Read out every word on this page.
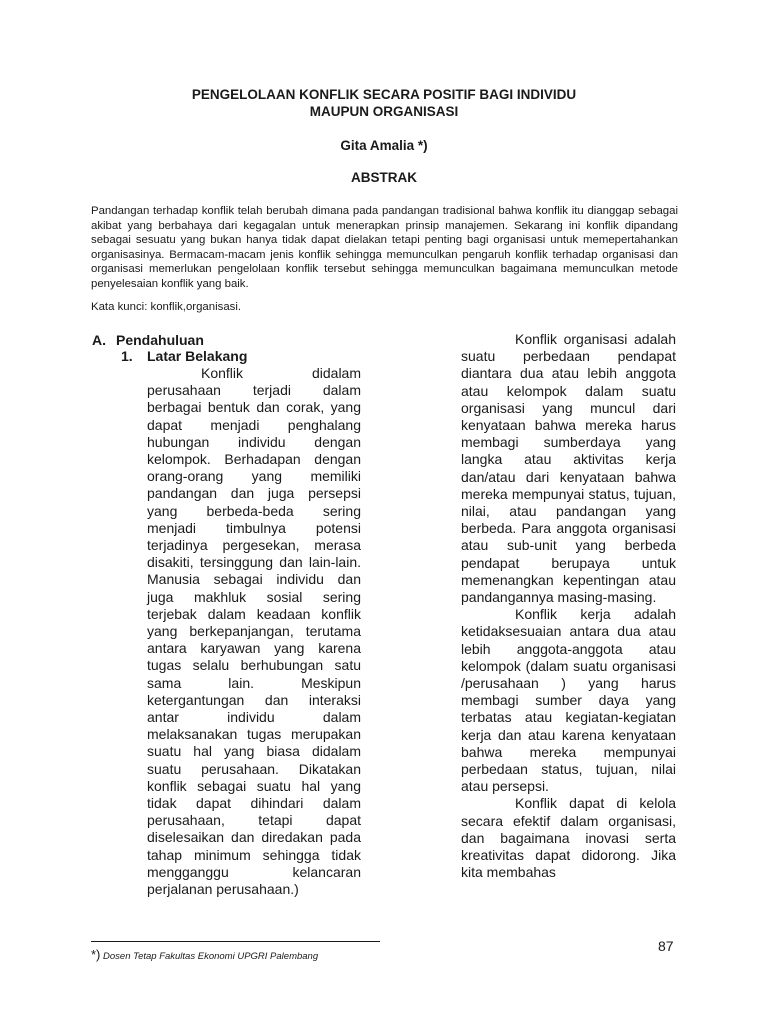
PENGELOLAAN KONFLIK SECARA POSITIF BAGI INDIVIDU
MAUPUN ORGANISASI
Gita Amalia *)
ABSTRAK

Pandangan terhadap konflik telah berubah dimana pada pandangan tradisional bahwa konflik itu dianggap sebagai akibat yang berbahaya dari kegagalan untuk menerapkan prinsip manajemen. Sekarang ini konflik dipandang sebagai sesuatu yang bukan hanya tidak dapat dielakan tetapi penting bagi organisasi untuk memepertahankan organisasinya. Bermacam-macam jenis konflik sehingga memunculkan pengaruh konflik terhadap organisasi dan organisasi memerlukan pengelolaan konflik tersebut sehingga memunculkan bagaimana memunculkan metode penyelesaian konflik yang baik.

Kata kunci: konflik,organisasi.

A. Pendahuluan
1. Latar Belakang

Konflik didalam perusahaan terjadi dalam berbagai bentuk dan corak, yang dapat menjadi penghalang hubungan individu dengan kelompok. Berhadapan dengan orang-orang yang memiliki pandangan dan juga persepsi yang berbeda-beda sering menjadi timbulnya potensi terjadinya pergesekan, merasa disakiti, tersinggung dan lain-lain. Manusia sebagai individu dan juga makhluk sosial sering terjebak dalam keadaan konflik yang berkepanjangan, terutama antara karyawan yang karena tugas selalu berhubungan satu sama lain. Meskipun ketergantungan dan interaksi antar individu dalam melaksanakan tugas merupakan suatu hal yang biasa didalam suatu perusahaan. Dikatakan konflik sebagai suatu hal yang tidak dapat dihindari dalam perusahaan, tetapi dapat diselesaikan dan diredakan pada tahap minimum sehingga tidak mengganggu kelancaran perjalanan perusahaan.)

Konflik organisasi adalah suatu perbedaan pendapat diantara dua atau lebih anggota atau kelompok dalam suatu organisasi yang muncul dari kenyataan bahwa mereka harus membagi sumberdaya yang langka atau aktivitas kerja dan/atau dari kenyataan bahwa mereka mempunyai status, tujuan, nilai, atau pandangan yang berbeda. Para anggota organisasi atau sub-unit yang berbeda pendapat berupaya untuk memenangkan kepentingan atau pandangannya masing-masing.

Konflik kerja adalah ketidaksesuaian antara dua atau lebih anggota-anggota atau kelompok (dalam suatu organisasi /perusahaan ) yang harus membagi sumber daya yang terbatas atau kegiatan-kegiatan kerja dan atau karena kenyataan bahwa mereka mempunyai perbedaan status, tujuan, nilai atau persepsi.

Konflik dapat di kelola secara efektif dalam organisasi, dan bagaimana inovasi serta kreativitas dapat didorong. Jika kita membahas

*) Dosen Tetap Fakultas Ekonomi UPGRI Palembang
87
